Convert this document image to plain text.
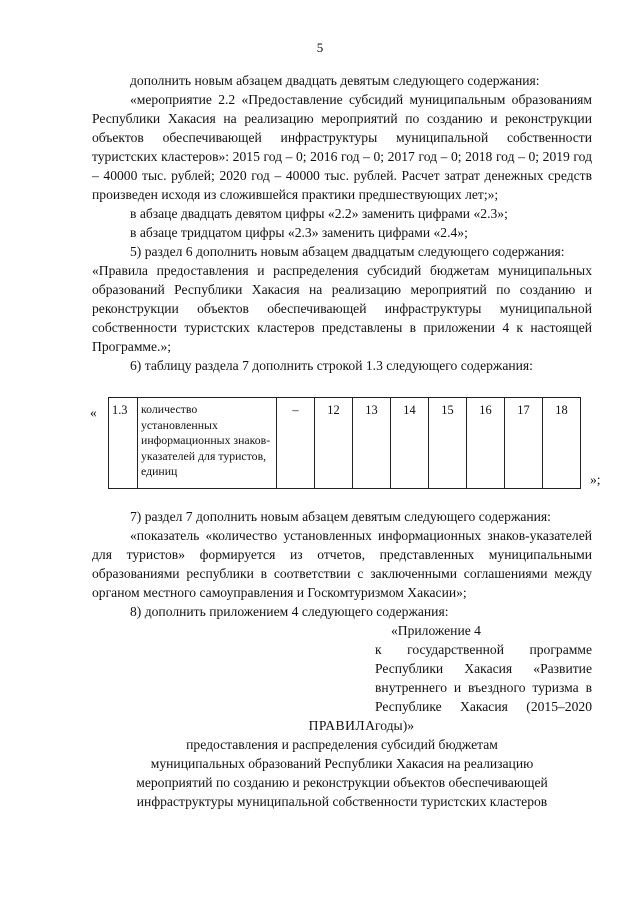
5

дополнить новым абзацем двадцать девятым следующего содержания:

«мероприятие 2.2 «Предоставление субсидий муниципальным образованиям Республики Хакасия на реализацию мероприятий по созданию и реконструкции объектов обеспечивающей инфраструктуры муниципальной собственности туристских кластеров»: 2015 год – 0; 2016 год – 0; 2017 год – 0; 2018 год – 0; 2019 год – 40000 тыс. рублей; 2020 год – 40000 тыс. рублей. Расчет затрат денежных средств произведен исходя из сложившейся практики предшествующих лет;»;

в абзаце двадцать девятом цифры «2.2» заменить цифрами «2.3»;

в абзаце тридцатом цифры «2.3» заменить цифрами «2.4»;

5) раздел 6 дополнить новым абзацем двадцатым следующего содержания:

«Правила предоставления и распределения субсидий бюджетам муниципальных образований Республики Хакасия на реализацию мероприятий по созданию и реконструкции объектов обеспечивающей инфраструктуры муниципальной собственности туристских кластеров представлены в приложении 4 к настоящей Программе.»;

6) таблицу раздела 7 дополнить строкой 1.3 следующего содержания:

« 1.3	количество установленных информационных знаков-указателей для туристов, единиц	–	12	13	14	15	16	17	18
»;

7) раздел 7 дополнить новым абзацем девятым следующего содержания:

«показатель «количество установленных информационных знаков-указателей для туристов» формируется из отчетов, представленных муниципальными образованиями республики в соответствии с заключенными соглашениями между органом местного самоуправления и Госкомтуризмом Хакасии»;

8) дополнить приложением 4 следующего содержания:

«Приложение 4

к государственной программе Республики Хакасия «Развитие внутреннего и въездного туризма в Республике Хакасия (2015–2020 годы)»

ПРАВИЛА
предоставления и распределения субсидий бюджетам
муниципальных образований Республики Хакасия на реализацию
мероприятий по созданию и реконструкции объектов обеспечивающей
инфраструктуры муниципальной собственности туристских кластеров
